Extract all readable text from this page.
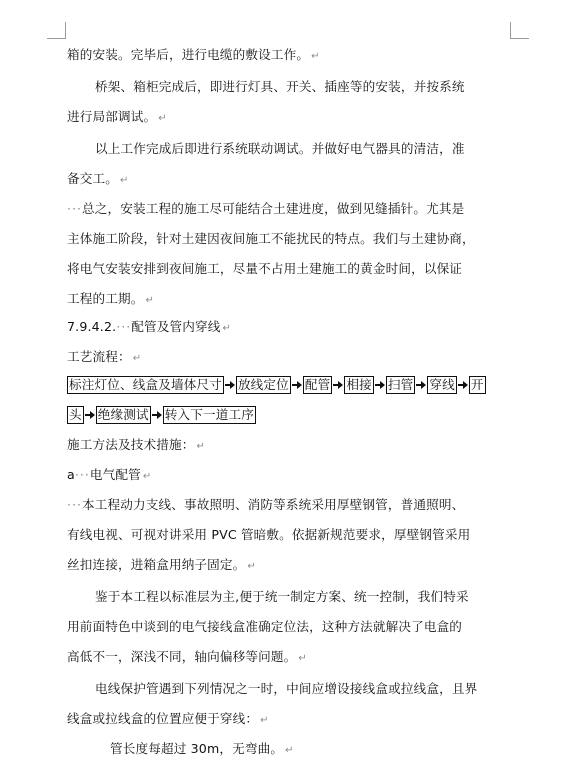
箱的安装。完毕后，进行电缆的敷设工作。 ↵
桥架、箱柜完成后，即进行灯具、开关、插座等的安装，并按系统
进行局部调试。 ↵
以上工作完成后即进行系统联动调试。并做好电气器具的清洁，准
备交工。 ↵
···总之，安装工程的施工尽可能结合土建进度，做到见缝插针。尤其是
主体施工阶段，针对土建因夜间施工不能扰民的特点。我们与土建协商，
将电气安装安排到夜间施工，尽量不占用土建施工的黄金时间，以保证
工程的工期。 ↵
7.9.4.2.···配管及管内穿线 ↵
工艺流程： ↵
标注灯位、线盒及墙体尺寸 放线定位 配管 相接 扫管 穿线 开
头 绝缘测试 转入下一道工序
施工方法及技术措施： ↵
a···电气配管 ↵
···本工程动力支线、事故照明、消防等系统采用厚壁钢管，普通照明、
有线电视、可视对讲采用 PVC 管暗敷。依据新规范要求，厚壁钢管采用
丝扣连接，进箱盒用纳子固定。 ↵
鉴于本工程以标准层为主,便于统一制定方案、统一控制，我们特采
用前面特色中谈到的电气接线盒准确定位法，这种方法就解决了电盒的
高低不一，深浅不同，轴向偏移等问题。 ↵
电线保护管遇到下列情况之一时，中间应增设接线盒或拉线盒，且界
线盒或拉线盒的位置应便于穿线： ↵
管长度每超过 30m，无弯曲。 ↵
